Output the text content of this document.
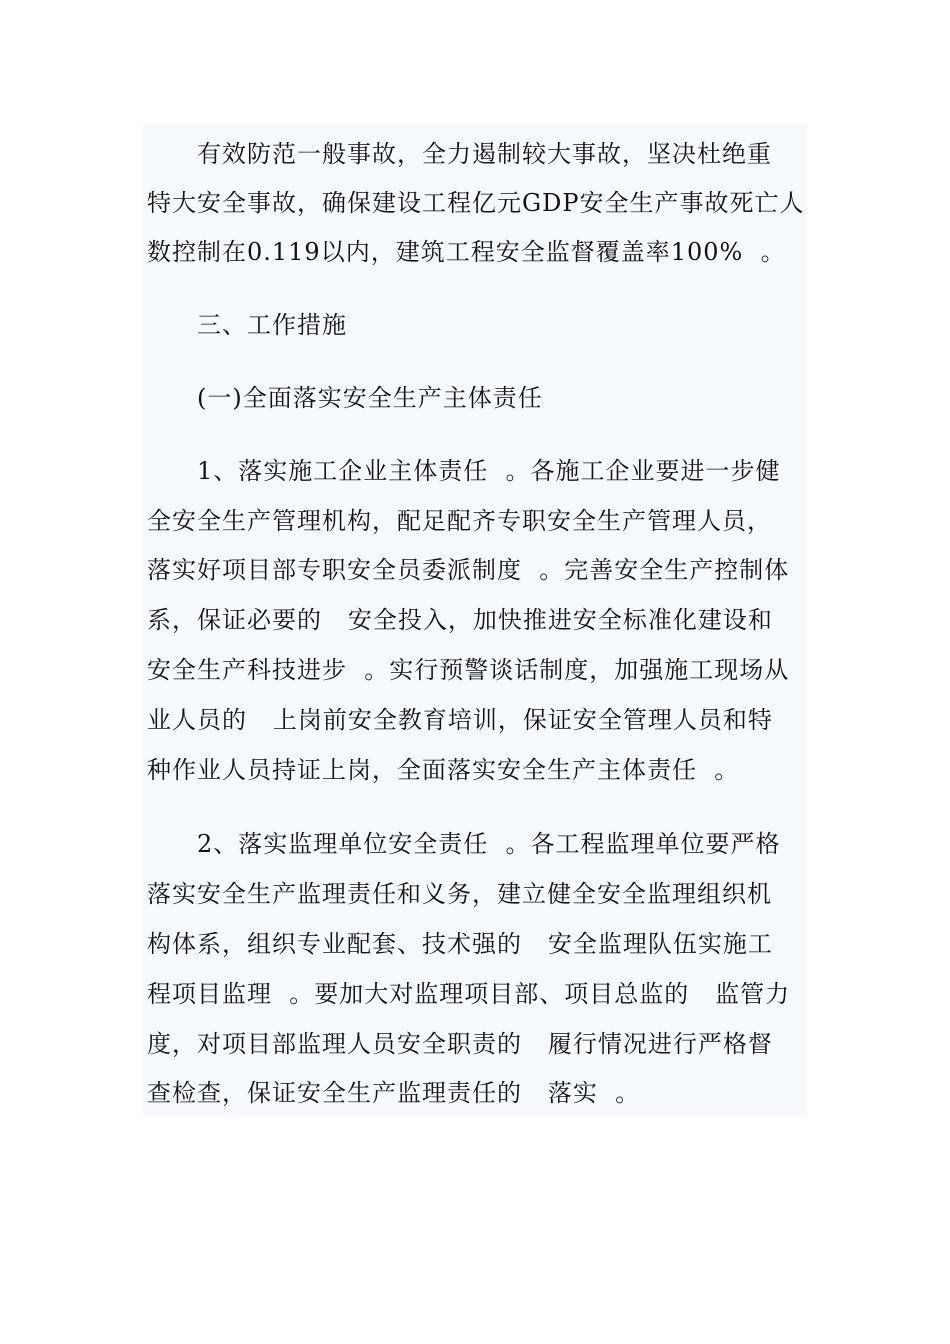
有效防范一般事故，全力遏制较大事故，坚决杜绝重
特大安全事故，确保建设工程亿元GDP安全生产事故死亡人
数控制在0.119以内，建筑工程安全监督覆盖率100%  。
三、工作措施
(一)全面落实安全生产主体责任
1、落实施工企业主体责任  。各施工企业要进一步健
全安全生产管理机构，配足配齐专职安全生产管理人员，
落实好项目部专职安全员委派制度  。完善安全生产控制体
系，保证必要的   安全投入，加快推进安全标准化建设和
安全生产科技进步  。实行预警谈话制度，加强施工现场从
业人员的   上岗前安全教育培训，保证安全管理人员和特
种作业人员持证上岗，全面落实安全生产主体责任  。
2、落实监理单位安全责任  。各工程监理单位要严格
落实安全生产监理责任和义务，建立健全安全监理组织机
构体系，组织专业配套、技术强的   安全监理队伍实施工
程项目监理  。要加大对监理项目部、项目总监的   监管力
度，对项目部监理人员安全职责的   履行情况进行严格督
查检查，保证安全生产监理责任的   落实  。
